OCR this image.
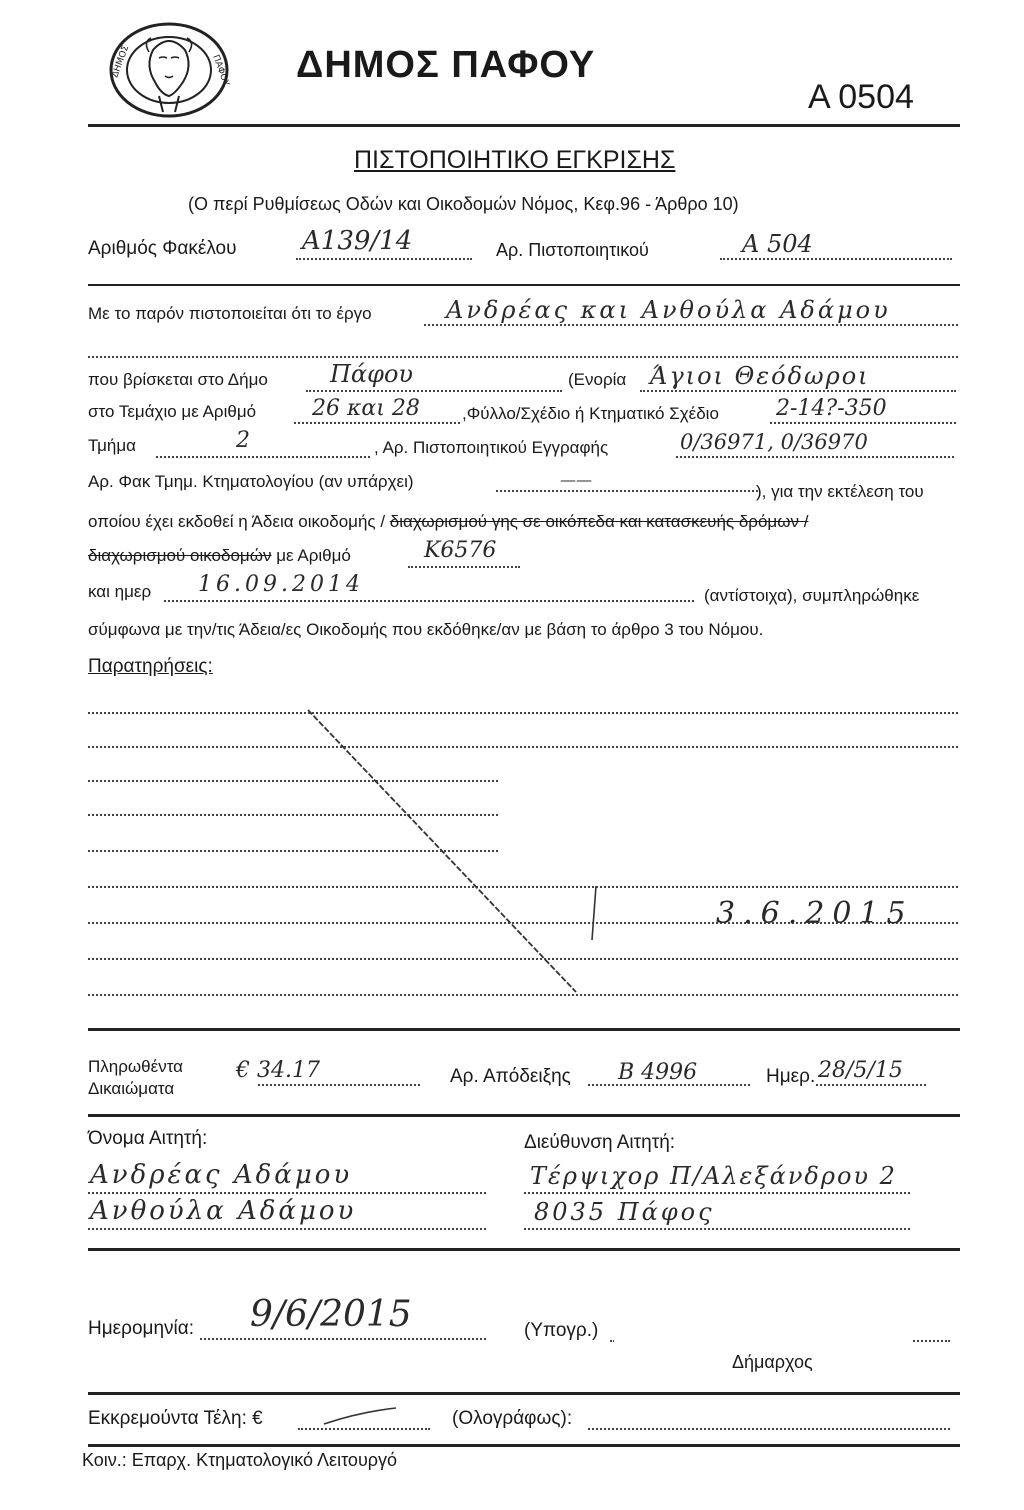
ΔΗΜΟΣ	ΠΑΦΟΥ ΔΗΜΟΣ ΠΑΦΟΥ
A 0504
ΠΙΣΤΟΠΟΙΗΤΙΚΟ ΕΓΚΡΙΣΗΣ
(Ο περί Ρυθμίσεως Οδών και Οικοδομών Νόμος, Κεφ.96 - Άρθρο 10)
Αριθμός Φακέλου	A139/14	Αρ. Πιστοποιητικού	A 504
Με το παρόν πιστοποιείται ότι το έργο	Ανδρέας και Ανθούλα Αδάμου
που βρίσκεται στο Δήμο	Πάφου	(Ενορία Άγιοι Θεόδωροι
στο Τεμάχιο με Αριθμό	26 και 28 ,Φύλλο/Σχέδιο ή Κτηματικό Σχέδιο	2-14?-350
Τμήμα	2	, Αρ. Πιστοποιητικού Εγγραφής	0/36971, 0/36970
Αρ. Φακ Τμημ. Κτηματολογίου (αν υπάρχει)	——
), για την εκτέλεση του
οποίου έχει εκδοθεί η Άδεια οικοδομής / διαχωρισμού γης σε οικόπεδα και κατασκευής δρόμων /
διαχωρισμού οικοδομών με Αριθμό	K6576
και ημερ 16.09.2014	(αντίστοιχα), συμπληρώθηκε
σύμφωνα με την/τις Άδεια/ες Οικοδομής που εκδόθηκε/αν με βάση το άρθρο 3 του Νόμου.
Παρατηρήσεις:
3.6.2015
Πληρωθέντα
Δικαιώματα
€ 34.17	Αρ. Απόδειξης B 4996	Ημερ. 28/5/15
Όνομα Αιτητή:
Ανδρέας Αδάμου
Ανθούλα Αδάμου
Διεύθυνση Αιτητή:
Τέρψιχορ Π/Αλεξάνδρου 2
8035 Πάφος
Ημερομηνία: 9/6/2015	(Υπογρ.)
Δήμαρχος
Εκκρεμούντα Τέλη: €	(Ολογράφως):
Κοιν.: Επαρχ. Κτηματολογικό Λειτουργό
